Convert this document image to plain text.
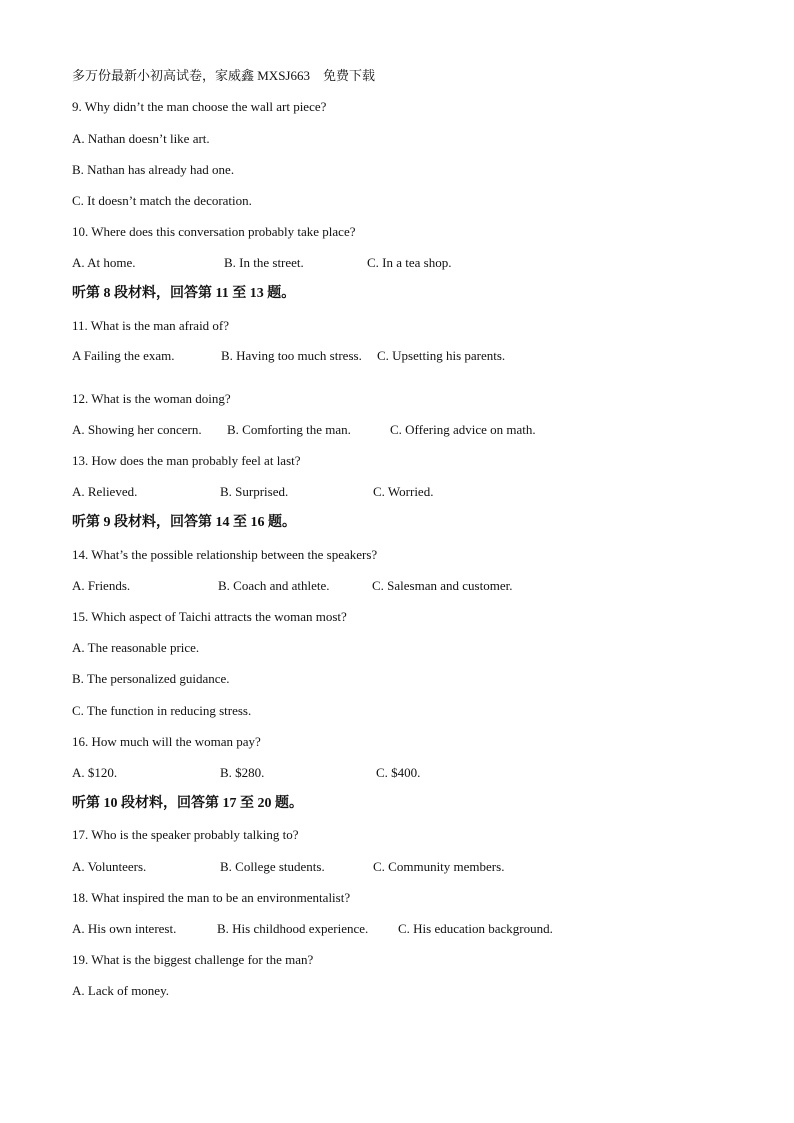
多万份最新小初高试卷，家威鑫 MXSJ663　免费下载
9. Why didn’t the man choose the wall art piece?
A. Nathan doesn’t like art.
B. Nathan has already had one.
C. It doesn’t match the decoration.
10. Where does this conversation probably take place?
A. At home.	B. In the street.	C. In a tea shop.
听第 8 段材料，回答第 11 至 13 题。
11. What is the man afraid of?
A Failing the exam.	B. Having too much stress. C. Upsetting his parents.
12. What is the woman doing?
A. Showing her concern. B. Comforting the man.	C. Offering advice on math.
13. How does the man probably feel at last?
A. Relieved.	B. Surprised.	C. Worried.
听第 9 段材料，回答第 14 至 16 题。
14. What’s the possible relationship between the speakers?
A. Friends.	B. Coach and athlete.	C. Salesman and customer.
15. Which aspect of Taichi attracts the woman most?
A. The reasonable price.
B. The personalized guidance.
C. The function in reducing stress.
16. How much will the woman pay?
A. $120.	B. $280.	C. $400.
听第 10 段材料，回答第 17 至 20 题。
17. Who is the speaker probably talking to?
A. Volunteers.	B. College students.	C. Community members.
18. What inspired the man to be an environmentalist?
A. His own interest.	B. His childhood experience. C. His education background.
19. What is the biggest challenge for the man?
A. Lack of money.
